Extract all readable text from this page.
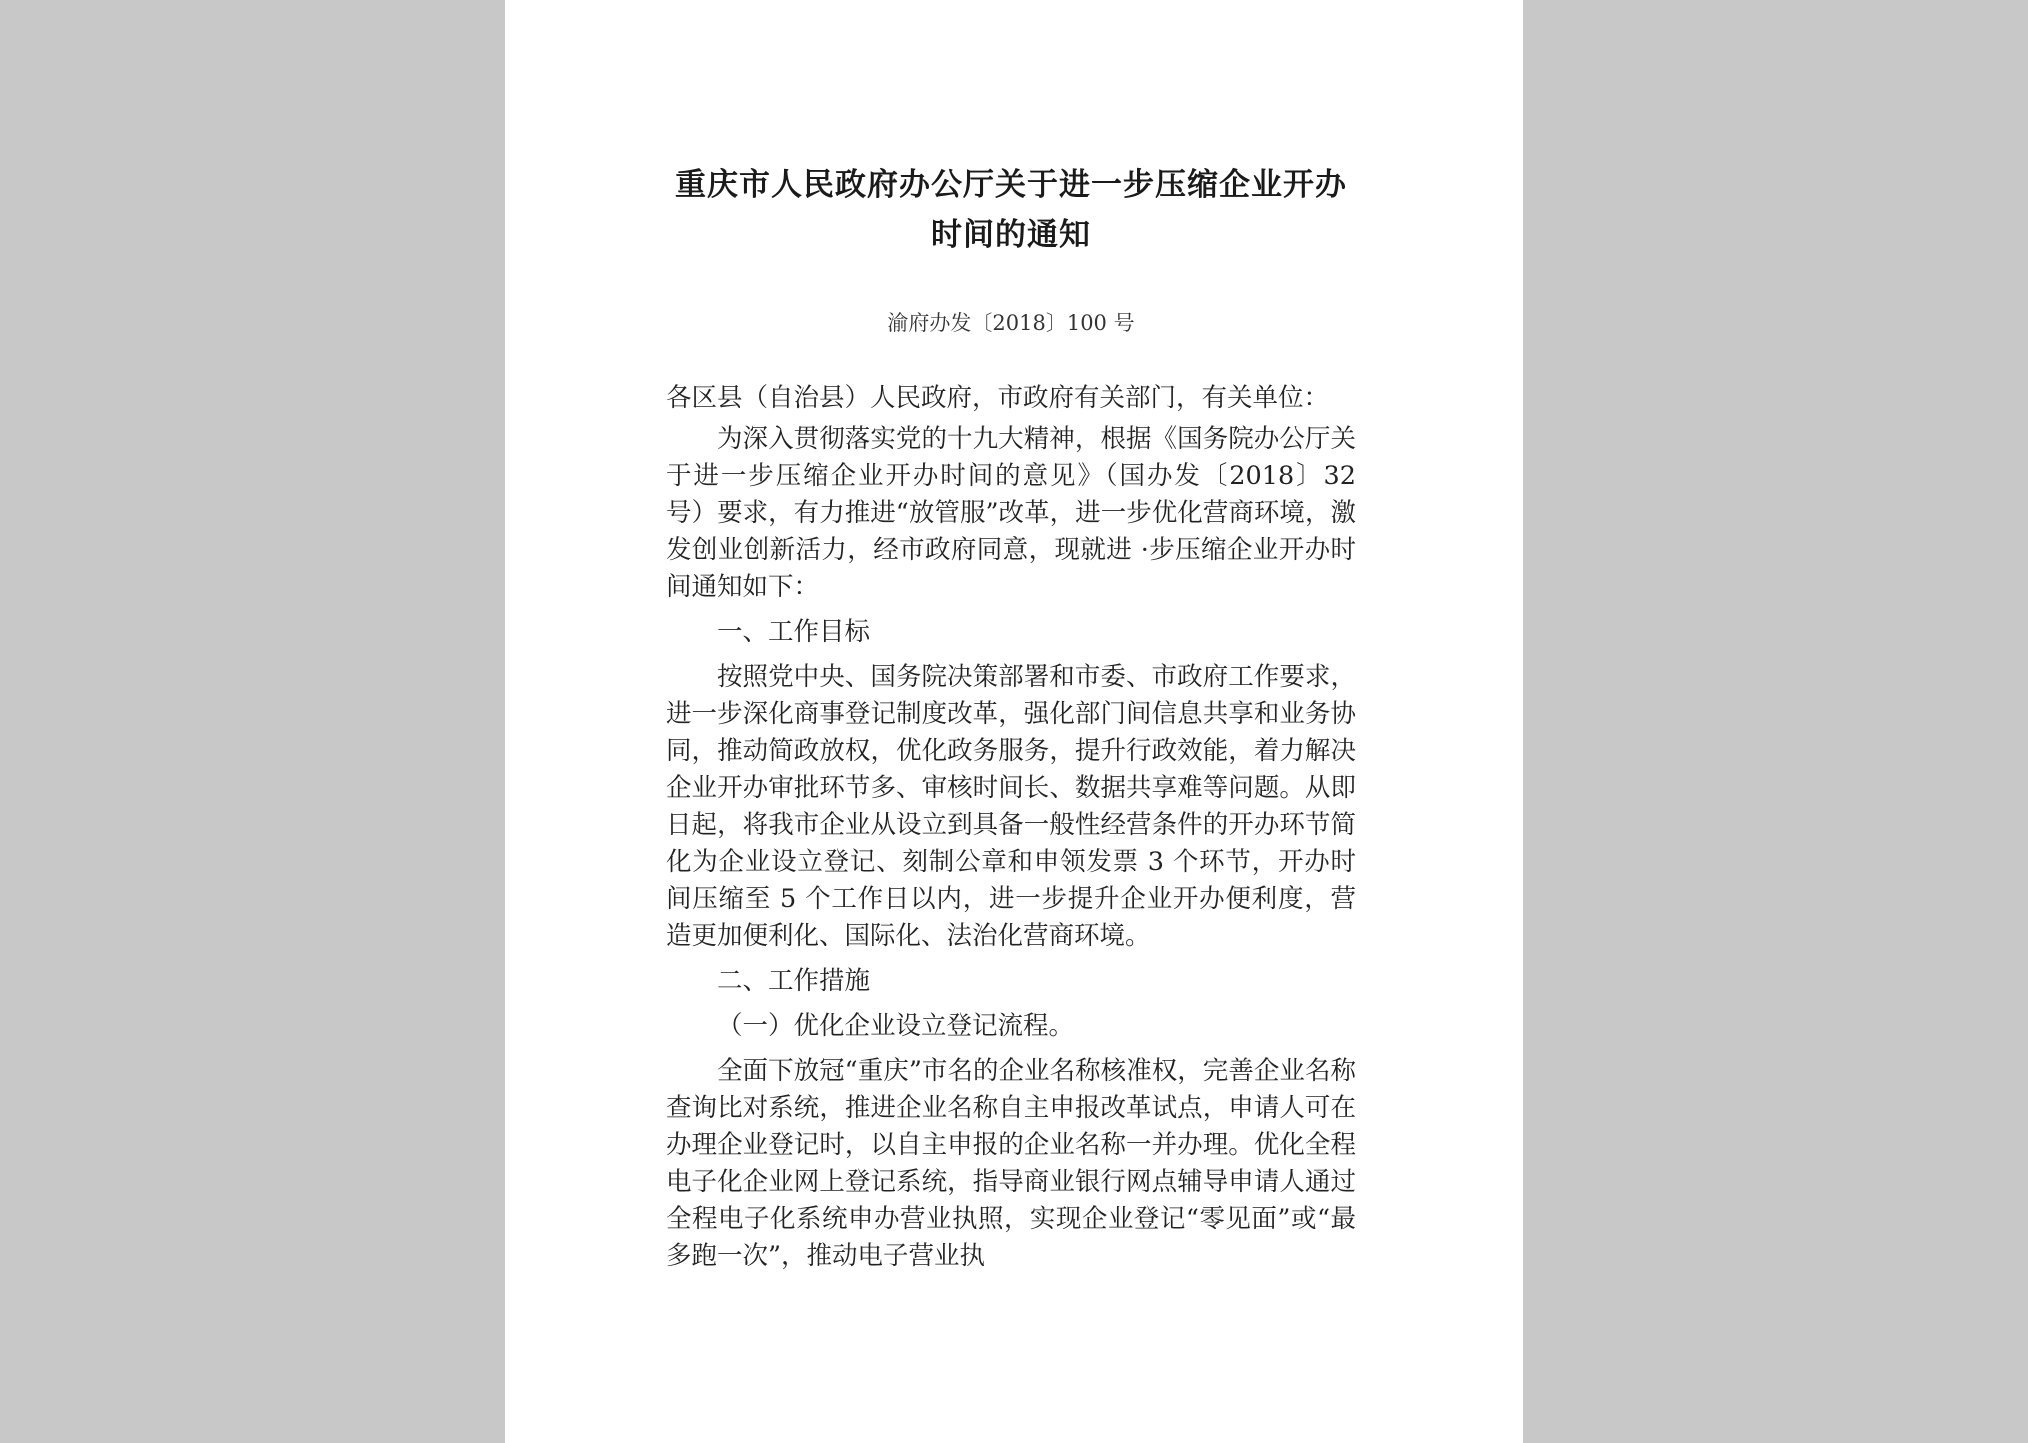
重庆市人民政府办公厅关于进一步压缩企业开办时间的通知
渝府办发〔2018〕100 号
各区县（自治县）人民政府，市政府有关部门，有关单位：
为深入贯彻落实党的十九大精神，根据《国务院办公厅关于进一步压缩企业开办时间的意见》（国办发〔2018〕32 号）要求，有力推进“放管服”改革，进一步优化营商环境，激发创业创新活力，经市政府同意，现就进 ·步压缩企业开办时间通知如下：
一、工作目标
按照党中央、国务院决策部署和市委、市政府工作要求，进一步深化商事登记制度改革，强化部门间信息共享和业务协同，推动简政放权，优化政务服务，提升行政效能，着力解决企业开办审批环节多、审核时间长、数据共享难等问题。从即日起，将我市企业从设立到具备一般性经营条件的开办环节简化为企业设立登记、刻制公章和申领发票 3 个环节，开办时间压缩至 5 个工作日以内，进一步提升企业开办便利度，营造更加便利化、国际化、法治化营商环境。
二、工作措施
（一）优化企业设立登记流程。
全面下放冠“重庆”市名的企业名称核准权，完善企业名称查询比对系统，推进企业名称自主申报改革试点，申请人可在办理企业登记时，以自主申报的企业名称一并办理。优化全程电子化企业网上登记系统，指导商业银行网点辅导申请人通过全程电子化系统申办营业执照，实现企业登记“零见面”或“最多跑一次”，推动电子营业执
